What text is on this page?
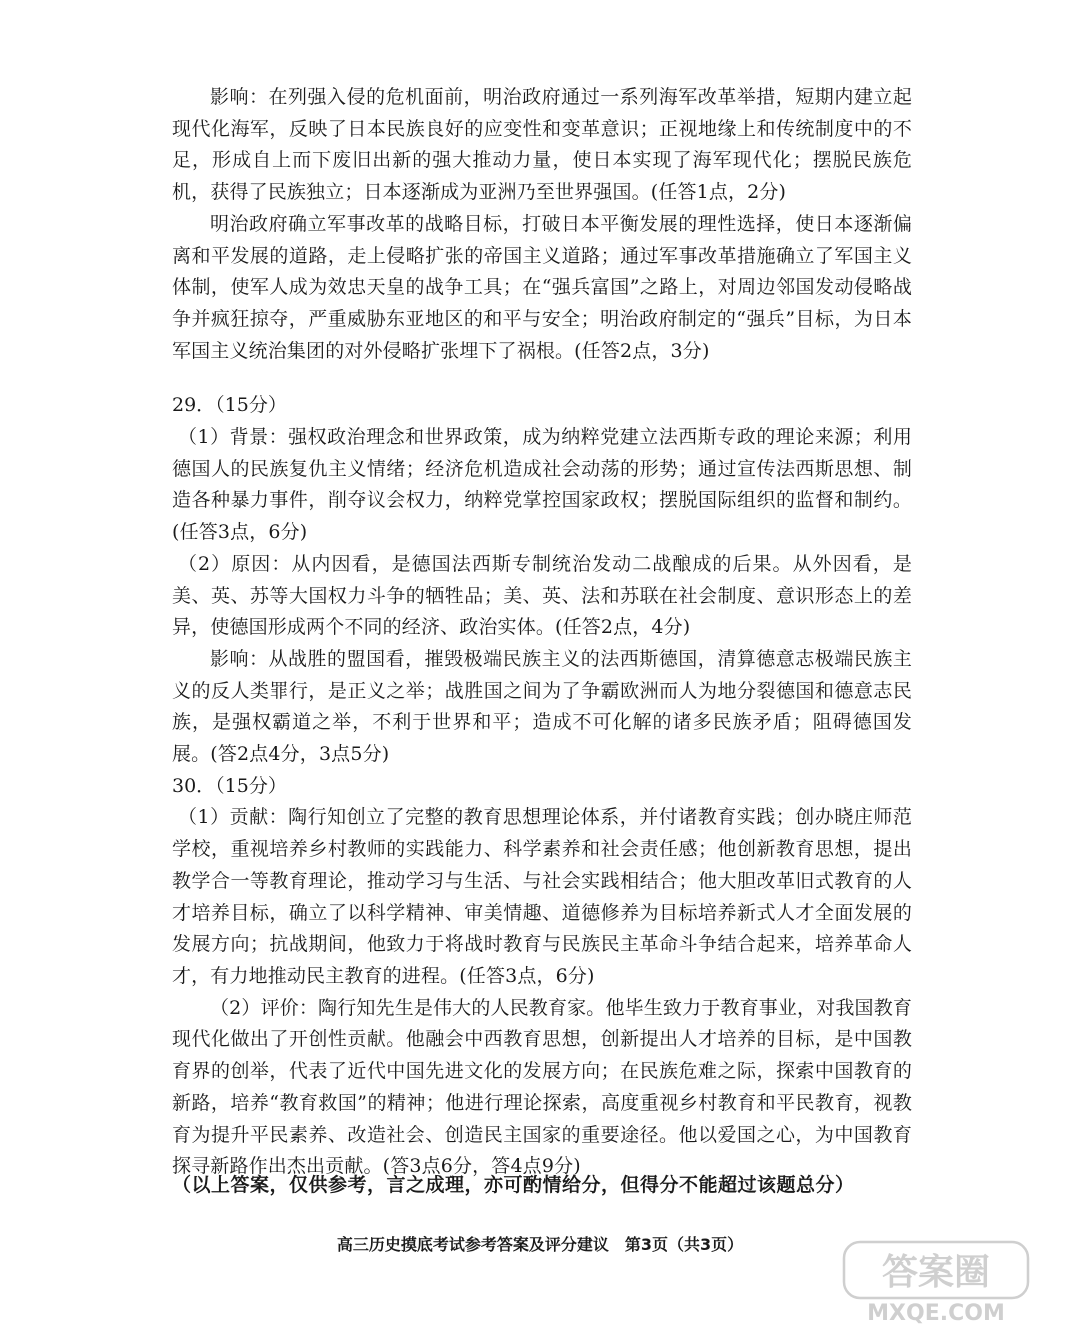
影响：在列强入侵的危机面前，明治政府通过一系列海军改革举措，短期内建立起现代化海军，反映了日本民族良好的应变性和变革意识；正视地缘上和传统制度中的不足，形成自上而下废旧出新的强大推动力量，使日本实现了海军现代化；摆脱民族危机，获得了民族独立；日本逐渐成为亚洲乃至世界强国。(任答1点，2分)

明治政府确立军事改革的战略目标，打破日本平衡发展的理性选择，使日本逐渐偏离和平发展的道路，走上侵略扩张的帝国主义道路；通过军事改革措施确立了军国主义体制，使军人成为效忠天皇的战争工具；在“强兵富国”之路上，对周边邻国发动侵略战争并疯狂掠夺，严重威胁东亚地区的和平与安全；明治政府制定的“强兵”目标，为日本军国主义统治集团的对外侵略扩张埋下了祸根。(任答2点，3分)

29．（15分）

（1）背景：强权政治理念和世界政策，成为纳粹党建立法西斯专政的理论来源；利用德国人的民族复仇主义情绪；经济危机造成社会动荡的形势；通过宣传法西斯思想、制造各种暴力事件，削夺议会权力，纳粹党掌控国家政权；摆脱国际组织的监督和制约。(任答3点，6分)

（2）原因：从内因看，是德国法西斯专制统治发动二战酿成的后果。从外因看，是美、英、苏等大国权力斗争的牺牲品；美、英、法和苏联在社会制度、意识形态上的差异，使德国形成两个不同的经济、政治实体。(任答2点，4分)

影响：从战胜的盟国看，摧毁极端民族主义的法西斯德国，清算德意志极端民族主义的反人类罪行，是正义之举；战胜国之间为了争霸欧洲而人为地分裂德国和德意志民族，是强权霸道之举，不利于世界和平；造成不可化解的诸多民族矛盾；阻碍德国发展。(答2点4分，3点5分)

30．（15分）

（1）贡献：陶行知创立了完整的教育思想理论体系，并付诸教育实践；创办晓庄师范学校，重视培养乡村教师的实践能力、科学素养和社会责任感；他创新教育思想，提出教学合一等教育理论，推动学习与生活、与社会实践相结合；他大胆改革旧式教育的人才培养目标，确立了以科学精神、审美情趣、道德修养为目标培养新式人才全面发展的发展方向；抗战期间，他致力于将战时教育与民族民主革命斗争结合起来，培养革命人才，有力地推动民主教育的进程。(任答3点，6分)

（2）评价：陶行知先生是伟大的人民教育家。他毕生致力于教育事业，对我国教育现代化做出了开创性贡献。他融会中西教育思想，创新提出人才培养的目标，是中国教育界的创举，代表了近代中国先进文化的发展方向；在民族危难之际，探索中国教育的新路，培养“教育救国”的精神；他进行理论探索，高度重视乡村教育和平民教育，视教育为提升平民素养、改造社会、创造民主国家的重要途径。他以爱国之心，为中国教育探寻新路作出杰出贡献。(答3点6分，答4点9分)

（以上答案，仅供参考，言之成理，亦可酌情给分，但得分不能超过该题总分）
高三历史摸底考试参考答案及评分建议　第3页（共3页）
答案圈
MXQE.COM
